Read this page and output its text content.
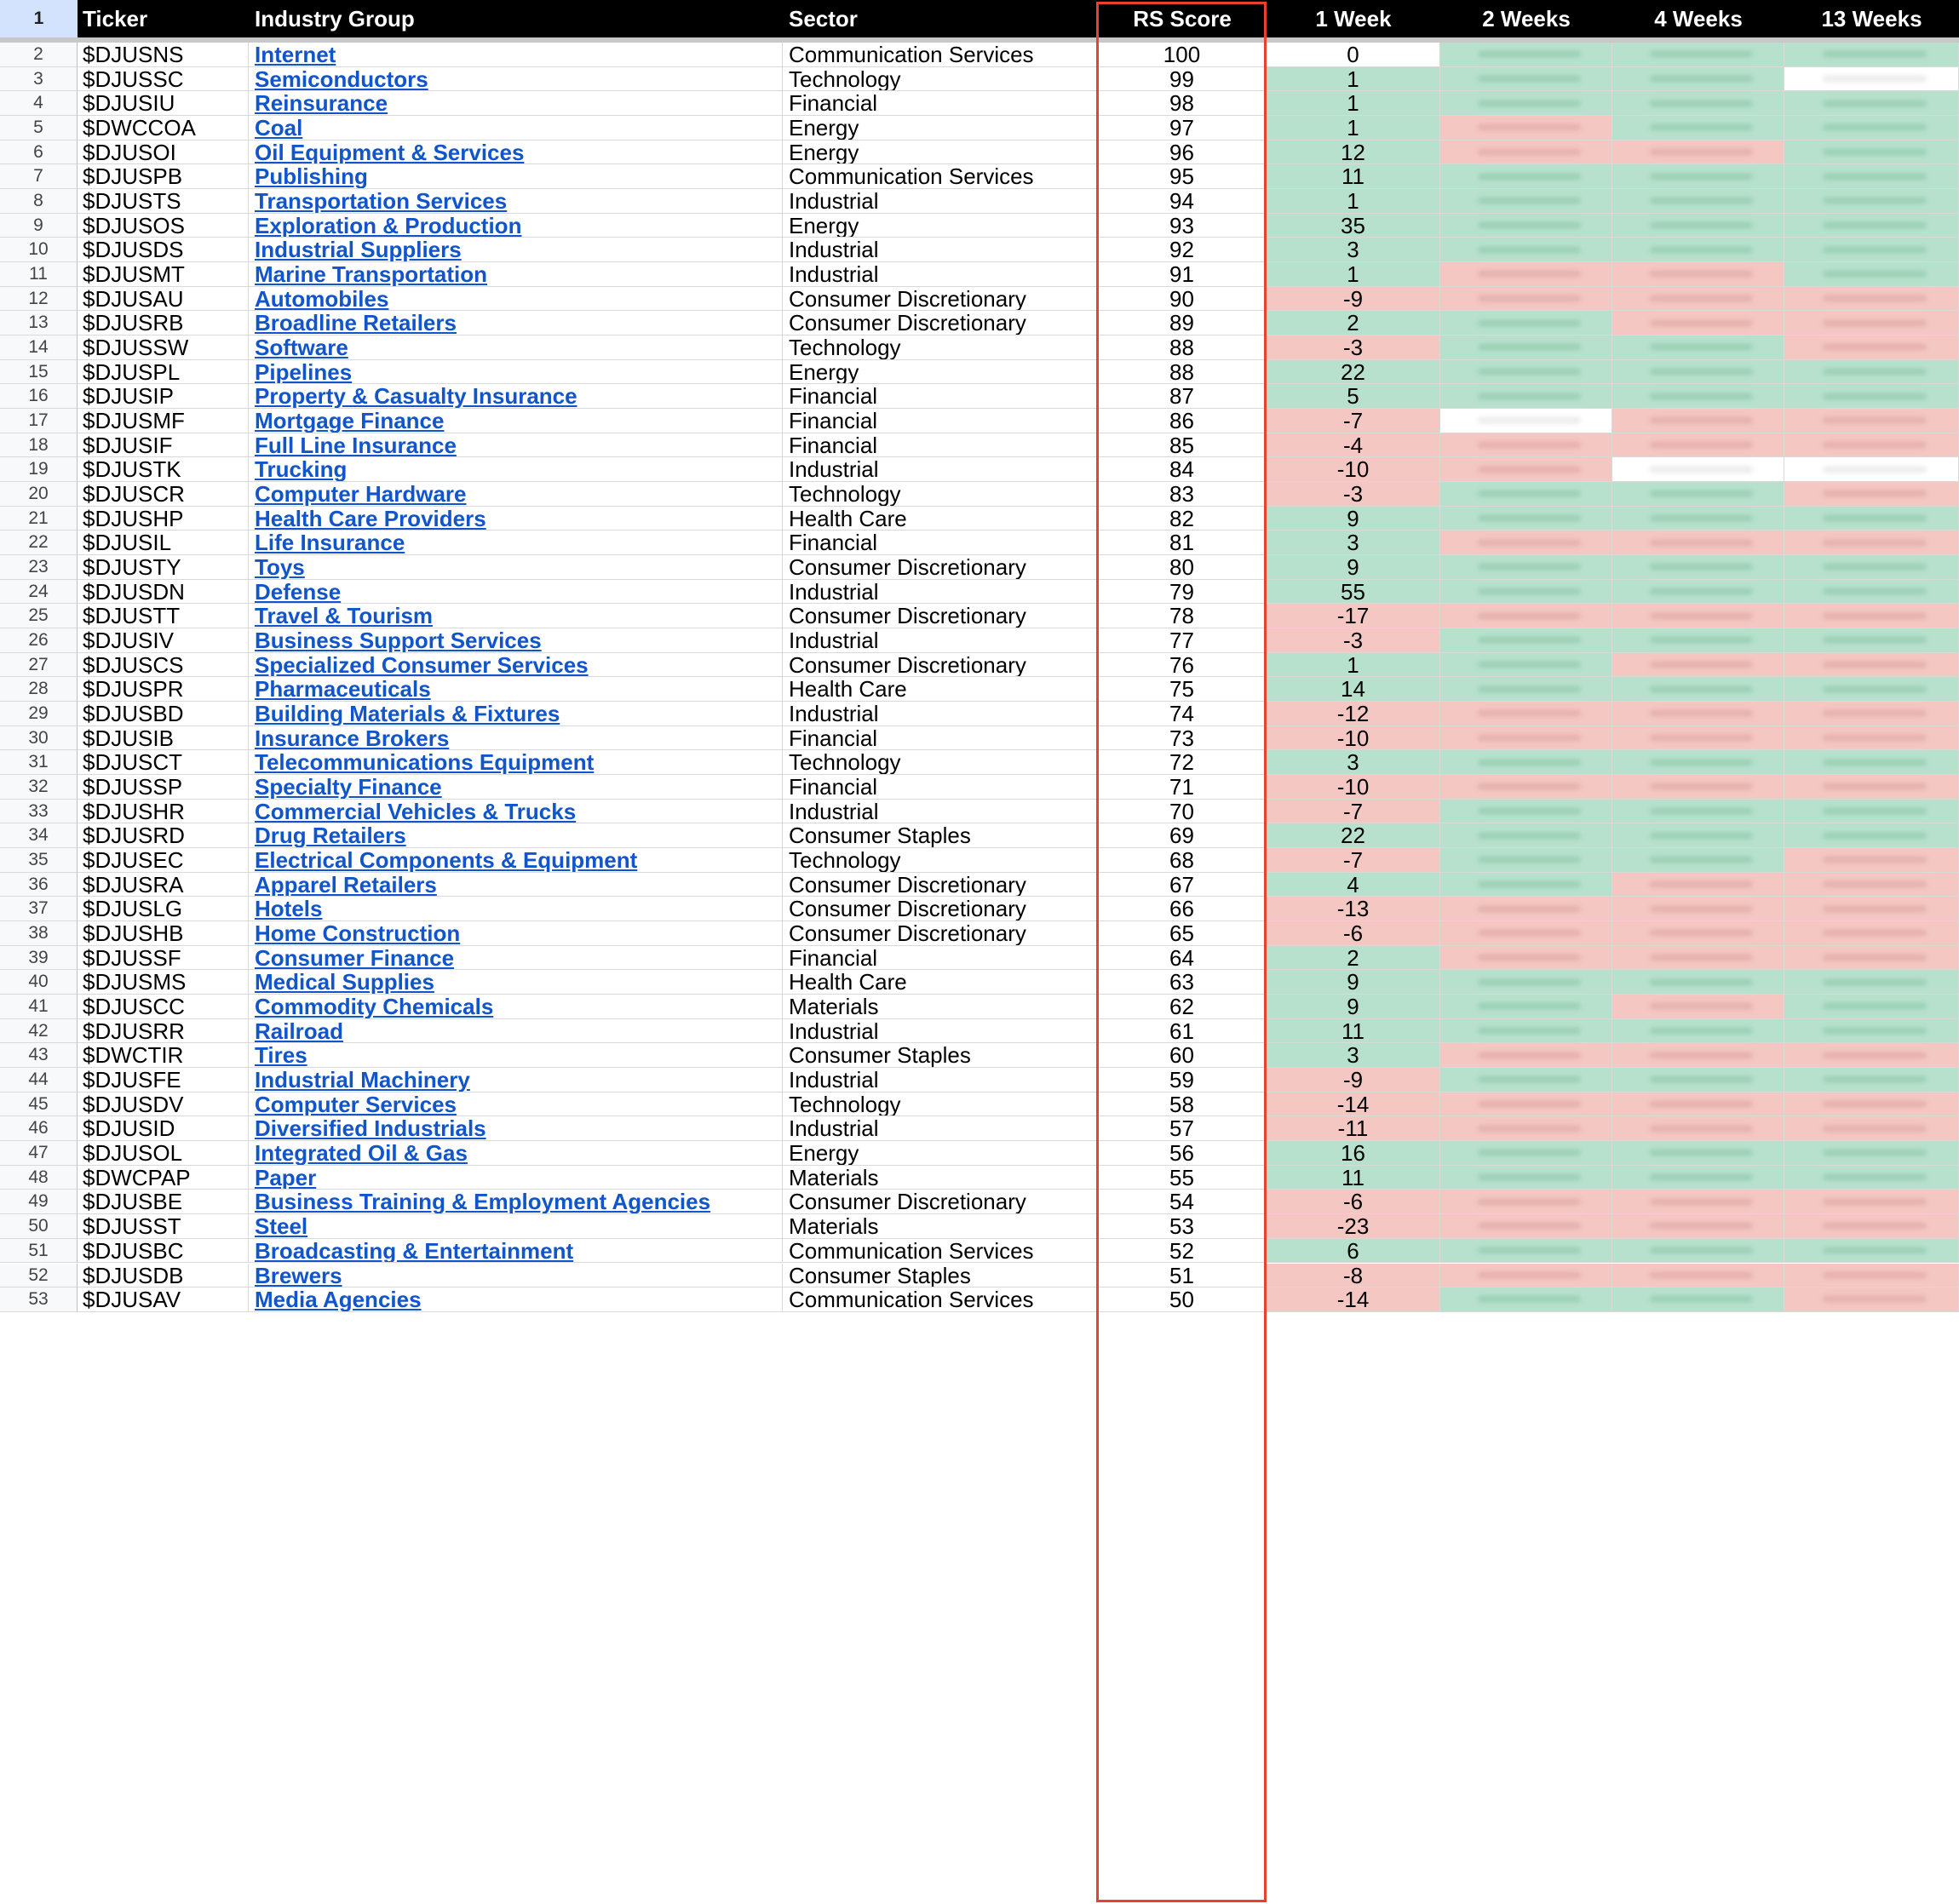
1	Ticker	Industry Group	Sector	RS Score	1 Week	2 Weeks	4 Weeks	13 Weeks
2	$DJUSNS	Internet	Communication Services	100	0
3	$DJUSSC	Semiconductors	Technology	99	1
4	$DJUSIU	Reinsurance	Financial	98	1
5	$DWCCOA	Coal	Energy	97	1
6	$DJUSOI	Oil Equipment & Services	Energy	96	12
7	$DJUSPB	Publishing	Communication Services	95	11
8	$DJUSTS	Transportation Services	Industrial	94	1
9	$DJUSOS	Exploration & Production	Energy	93	35
10	$DJUSDS	Industrial Suppliers	Industrial	92	3
11	$DJUSMT	Marine Transportation	Industrial	91	1
12	$DJUSAU	Automobiles	Consumer Discretionary	90	-9
13	$DJUSRB	Broadline Retailers	Consumer Discretionary	89	2
14	$DJUSSW	Software	Technology	88	-3
15	$DJUSPL	Pipelines	Energy	88	22
16	$DJUSIP	Property & Casualty Insurance	Financial	87	5
17	$DJUSMF	Mortgage Finance	Financial	86	-7
18	$DJUSIF	Full Line Insurance	Financial	85	-4
19	$DJUSTK	Trucking	Industrial	84	-10
20	$DJUSCR	Computer Hardware	Technology	83	-3
21	$DJUSHP	Health Care Providers	Health Care	82	9
22	$DJUSIL	Life Insurance	Financial	81	3
23	$DJUSTY	Toys	Consumer Discretionary	80	9
24	$DJUSDN	Defense	Industrial	79	55
25	$DJUSTT	Travel & Tourism	Consumer Discretionary	78	-17
26	$DJUSIV	Business Support Services	Industrial	77	-3
27	$DJUSCS	Specialized Consumer Services	Consumer Discretionary	76	1
28	$DJUSPR	Pharmaceuticals	Health Care	75	14
29	$DJUSBD	Building Materials & Fixtures	Industrial	74	-12
30	$DJUSIB	Insurance Brokers	Financial	73	-10
31	$DJUSCT	Telecommunications Equipment	Technology	72	3
32	$DJUSSP	Specialty Finance	Financial	71	-10
33	$DJUSHR	Commercial Vehicles & Trucks	Industrial	70	-7
34	$DJUSRD	Drug Retailers	Consumer Staples	69	22
35	$DJUSEC	Electrical Components & Equipment	Technology	68	-7
36	$DJUSRA	Apparel Retailers	Consumer Discretionary	67	4
37	$DJUSLG	Hotels	Consumer Discretionary	66	-13
38	$DJUSHB	Home Construction	Consumer Discretionary	65	-6
39	$DJUSSF	Consumer Finance	Financial	64	2
40	$DJUSMS	Medical Supplies	Health Care	63	9
41	$DJUSCC	Commodity Chemicals	Materials	62	9
42	$DJUSRR	Railroad	Industrial	61	11
43	$DWCTIR	Tires	Consumer Staples	60	3
44	$DJUSFE	Industrial Machinery	Industrial	59	-9
45	$DJUSDV	Computer Services	Technology	58	-14
46	$DJUSID	Diversified Industrials	Industrial	57	-11
47	$DJUSOL	Integrated Oil & Gas	Energy	56	16
48	$DWCPAP	Paper	Materials	55	11
49	$DJUSBE	Business Training & Employment Agencies	Consumer Discretionary	54	-6
50	$DJUSST	Steel	Materials	53	-23
51	$DJUSBC	Broadcasting & Entertainment	Communication Services	52	6
52	$DJUSDB	Brewers	Consumer Staples	51	-8
53	$DJUSAV	Media Agencies	Communication Services	50	-14
